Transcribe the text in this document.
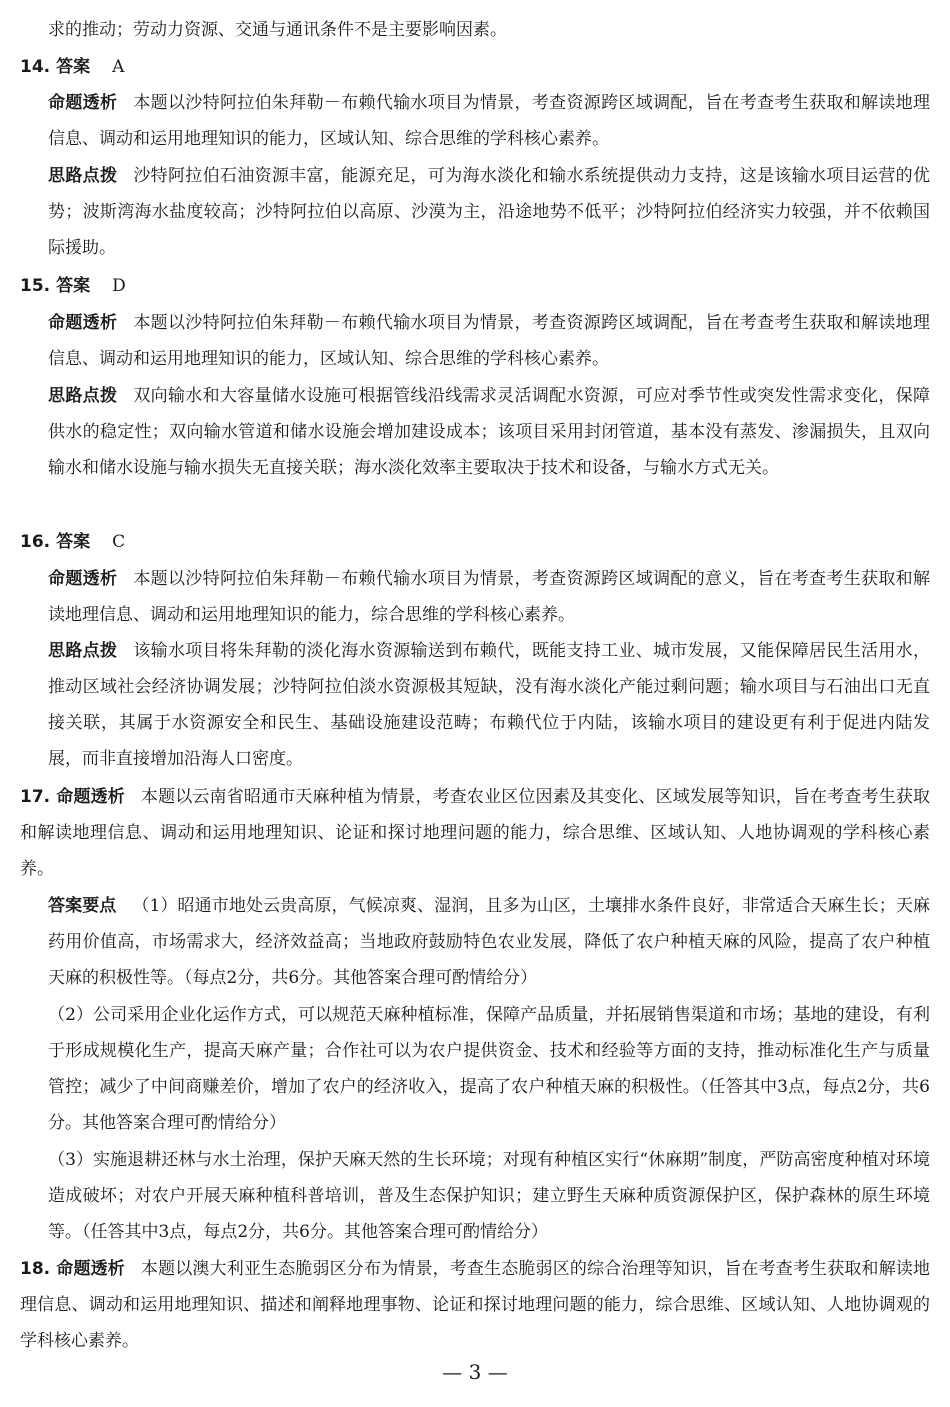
求的推动；劳动力资源、交通与通讯条件不是主要影响因素。

14. 答案 A

命题透析 本题以沙特阿拉伯朱拜勒－布赖代输水项目为情景，考查资源跨区域调配，旨在考查考生获取和解读地理信息、调动和运用地理知识的能力，区域认知、综合思维的学科核心素养。

思路点拨 沙特阿拉伯石油资源丰富，能源充足，可为海水淡化和输水系统提供动力支持，这是该输水项目运营的优势；波斯湾海水盐度较高；沙特阿拉伯以高原、沙漠为主，沿途地势不低平；沙特阿拉伯经济实力较强，并不依赖国际援助。

15. 答案 D

命题透析 本题以沙特阿拉伯朱拜勒－布赖代输水项目为情景，考查资源跨区域调配，旨在考查考生获取和解读地理信息、调动和运用地理知识的能力，区域认知、综合思维的学科核心素养。

思路点拨 双向输水和大容量储水设施可根据管线沿线需求灵活调配水资源，可应对季节性或突发性需求变化，保障供水的稳定性；双向输水管道和储水设施会增加建设成本；该项目采用封闭管道，基本没有蒸发、渗漏损失，且双向输水和储水设施与输水损失无直接关联；海水淡化效率主要取决于技术和设备，与输水方式无关。

16. 答案 C

命题透析 本题以沙特阿拉伯朱拜勒－布赖代输水项目为情景，考查资源跨区域调配的意义，旨在考查考生获取和解读地理信息、调动和运用地理知识的能力，综合思维的学科核心素养。

思路点拨 该输水项目将朱拜勒的淡化海水资源输送到布赖代，既能支持工业、城市发展，又能保障居民生活用水，推动区域社会经济协调发展；沙特阿拉伯淡水资源极其短缺，没有海水淡化产能过剩问题；输水项目与石油出口无直接关联，其属于水资源安全和民生、基础设施建设范畴；布赖代位于内陆，该输水项目的建设更有利于促进内陆发展，而非直接增加沿海人口密度。

17. 命题透析 本题以云南省昭通市天麻种植为情景，考查农业区位因素及其变化、区域发展等知识，旨在考查考生获取和解读地理信息、调动和运用地理知识、论证和探讨地理问题的能力，综合思维、区域认知、人地协调观的学科核心素养。

答案要点 （1）昭通市地处云贵高原，气候凉爽、湿润，且多为山区，土壤排水条件良好，非常适合天麻生长；天麻药用价值高，市场需求大，经济效益高；当地政府鼓励特色农业发展，降低了农户种植天麻的风险，提高了农户种植天麻的积极性等。（每点2分，共6分。其他答案合理可酌情给分）

（2）公司采用企业化运作方式，可以规范天麻种植标准，保障产品质量，并拓展销售渠道和市场；基地的建设，有利于形成规模化生产，提高天麻产量；合作社可以为农户提供资金、技术和经验等方面的支持，推动标准化生产与质量管控；减少了中间商赚差价，增加了农户的经济收入，提高了农户种植天麻的积极性。（任答其中3点，每点2分，共6分。其他答案合理可酌情给分）

（3）实施退耕还林与水土治理，保护天麻天然的生长环境；对现有种植区实行“休麻期”制度，严防高密度种植对环境造成破坏；对农户开展天麻种植科普培训，普及生态保护知识；建立野生天麻种质资源保护区，保护森林的原生环境等。（任答其中3点，每点2分，共6分。其他答案合理可酌情给分）

18. 命题透析 本题以澳大利亚生态脆弱区分布为情景，考查生态脆弱区的综合治理等知识，旨在考查考生获取和解读地理信息、调动和运用地理知识、描述和阐释地理事物、论证和探讨地理问题的能力，综合思维、区域认知、人地协调观的学科核心素养。

— 3 —
